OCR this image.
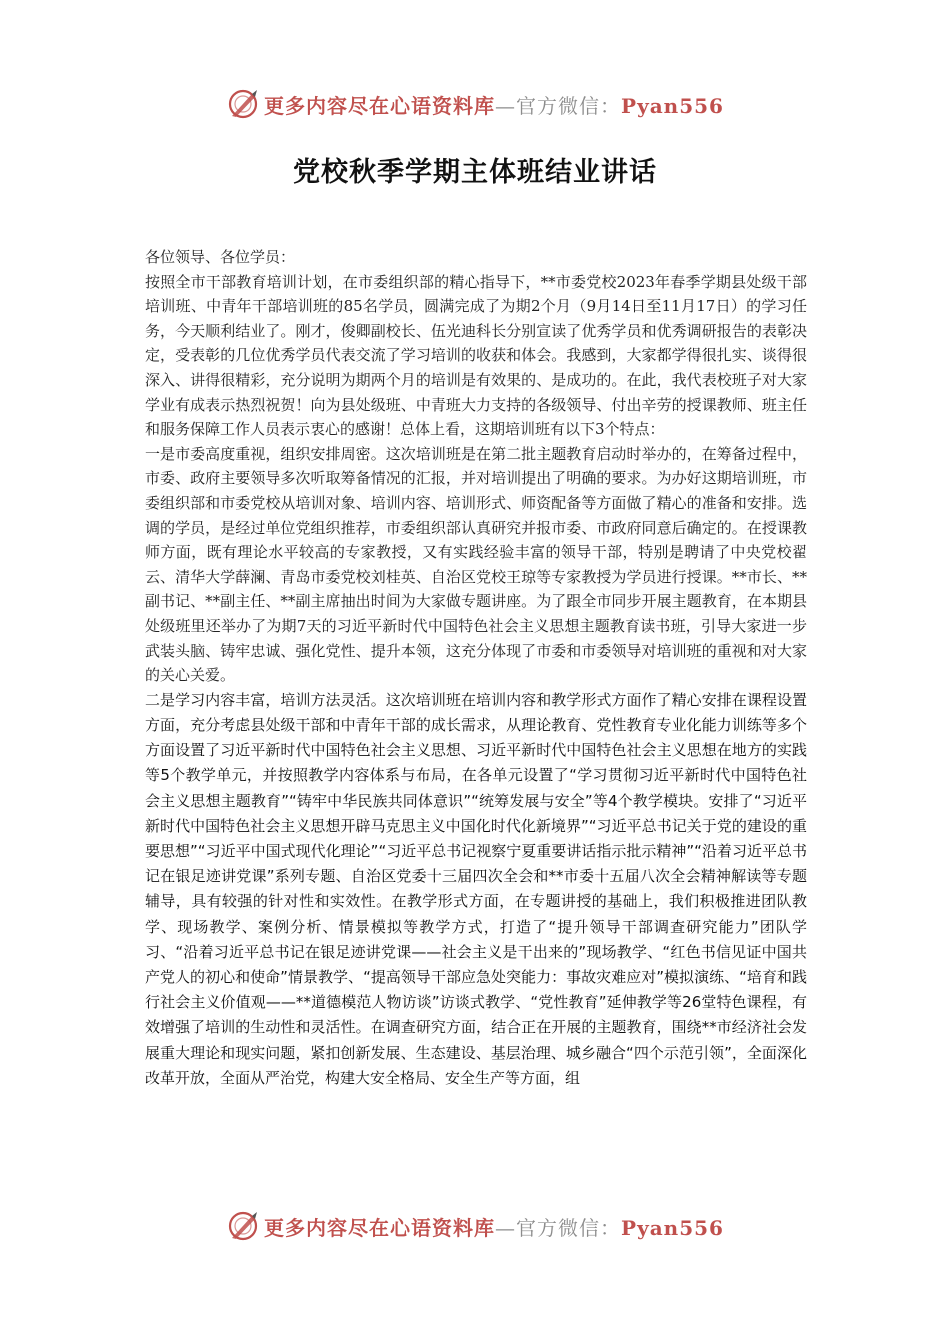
更多内容尽在心语资料库—官方微信：Pyan556
党校秋季学期主体班结业讲话

各位领导、各位学员：

按照全市干部教育培训计划，在市委组织部的精心指导下，**市委党校2023年春季学期县处级干部培训班、中青年干部培训班的85名学员，圆满完成了为期2个月（9月14日至11月17日）的学习任务，今天顺利结业了。刚才，俊卿副校长、伍光迪科长分别宣读了优秀学员和优秀调研报告的表彰决定，受表彰的几位优秀学员代表交流了学习培训的收获和体会。我感到，大家都学得很扎实、谈得很深入、讲得很精彩，充分说明为期两个月的培训是有效果的、是成功的。在此，我代表校班子对大家学业有成表示热烈祝贺！向为县处级班、中青班大力支持的各级领导、付出辛劳的授课教师、班主任和服务保障工作人员表示衷心的感谢！总体上看，这期培训班有以下3个特点：

一是市委高度重视，组织安排周密。这次培训班是在第二批主题教育启动时举办的，在筹备过程中，市委、政府主要领导多次听取筹备情况的汇报，并对培训提出了明确的要求。为办好这期培训班，市委组织部和市委党校从培训对象、培训内容、培训形式、师资配备等方面做了精心的准备和安排。选调的学员，是经过单位党组织推荐，市委组织部认真研究并报市委、市政府同意后确定的。在授课教师方面，既有理论水平较高的专家教授，又有实践经验丰富的领导干部，特别是聘请了中央党校翟云、清华大学薛澜、青岛市委党校刘桂英、自治区党校王琼等专家教授为学员进行授课。**市长、**副书记、**副主任、**副主席抽出时间为大家做专题讲座。为了跟全市同步开展主题教育，在本期县处级班里还举办了为期7天的习近平新时代中国特色社会主义思想主题教育读书班，引导大家进一步武装头脑、铸牢忠诚、强化党性、提升本领，这充分体现了市委和市委领导对培训班的重视和对大家的关心关爱。

二是学习内容丰富，培训方法灵活。这次培训班在培训内容和教学形式方面作了精心安排在课程设置方面，充分考虑县处级干部和中青年干部的成长需求，从理论教育、党性教育专业化能力训练等多个方面设置了习近平新时代中国特色社会主义思想、习近平新时代中国特色社会主义思想在地方的实践等5个教学单元，并按照教学内容体系与布局，在各单元设置了“学习贯彻习近平新时代中国特色社会主义思想主题教育”“铸牢中华民族共同体意识”“统筹发展与安全”等4个教学模块。安排了“习近平新时代中国特色社会主义思想开辟马克思主义中国化时代化新境界”“习近平总书记关于党的建设的重要思想”“习近平中国式现代化理论”“习近平总书记视察宁夏重要讲话指示批示精神”“沿着习近平总书记在银足迹讲党课”系列专题、自治区党委十三届四次全会和**市委十五届八次全会精神解读等专题辅导，具有较强的针对性和实效性。在教学形式方面，在专题讲授的基础上，我们积极推进团队教学、现场教学、案例分析、情景模拟等教学方式，打造了“提升领导干部调查研究能力”团队学习、“沿着习近平总书记在银足迹讲党课——社会主义是干出来的”现场教学、“红色书信见证中国共产党人的初心和使命”情景教学、“提高领导干部应急处突能力：事故灾难应对”模拟演练、“培育和践行社会主义价值观——**道德模范人物访谈”访谈式教学、“党性教育”延伸教学等26堂特色课程，有效增强了培训的生动性和灵活性。在调查研究方面，结合正在开展的主题教育，围绕**市经济社会发展重大理论和现实问题，紧扣创新发展、生态建设、基层治理、城乡融合“四个示范引领”，全面深化改革开放，全面从严治党，构建大安全格局、安全生产等方面，组

更多内容尽在心语资料库—官方微信：Pyan556
